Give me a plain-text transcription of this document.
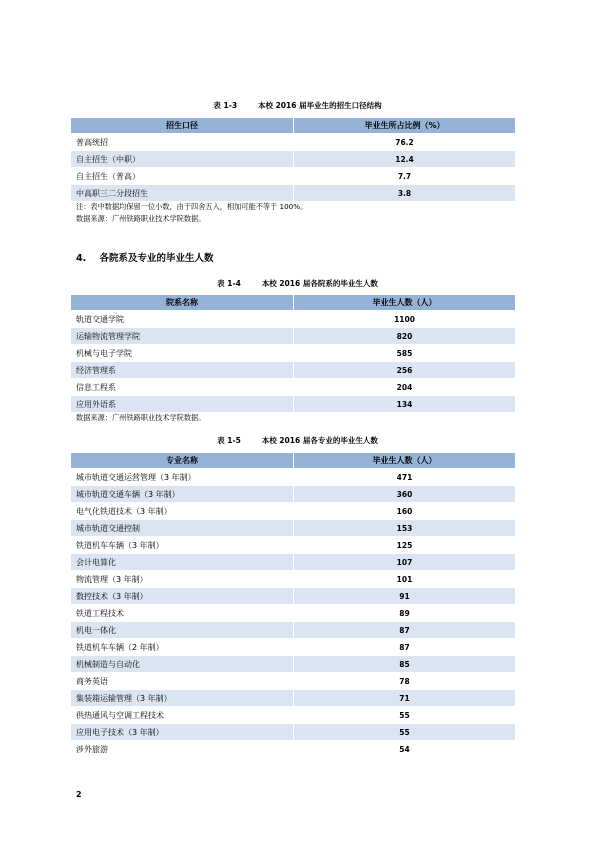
表 1-3        本校 2016 届毕业生的招生口径结构
招生口径	毕业生所占比例（%）
普高统招	76.2
自主招生（中职）	12.4
自主招生（普高）	7.7
中高职三二分段招生	3.8
注：表中数据均保留一位小数，由于四舍五入，相加可能不等于 100%。
数据来源：广州铁路职业技术学院数据。
4.    各院系及专业的毕业生人数
表 1-4        本校 2016 届各院系的毕业生人数
院系名称	毕业生人数（人）
轨道交通学院	1100
运输物流管理学院	820
机械与电子学院	585
经济管理系	256
信息工程系	204
应用外语系	134
数据来源：广州铁路职业技术学院数据。
表 1-5        本校 2016 届各专业的毕业生人数
专业名称	毕业生人数（人）
城市轨道交通运营管理（3 年制）	471
城市轨道交通车辆（3 年制）	360
电气化铁道技术（3 年制）	160
城市轨道交通控制	153
铁道机车车辆（3 年制）	125
会计电算化	107
物流管理（3 年制）	101
数控技术（3 年制）	91
铁道工程技术	89
机电一体化	87
铁道机车车辆（2 年制）	87
机械制造与自动化	85
商务英语	78
集装箱运输管理（3 年制）	71
供热通风与空调工程技术	55
应用电子技术（3 年制）	55
涉外旅游	54
2
